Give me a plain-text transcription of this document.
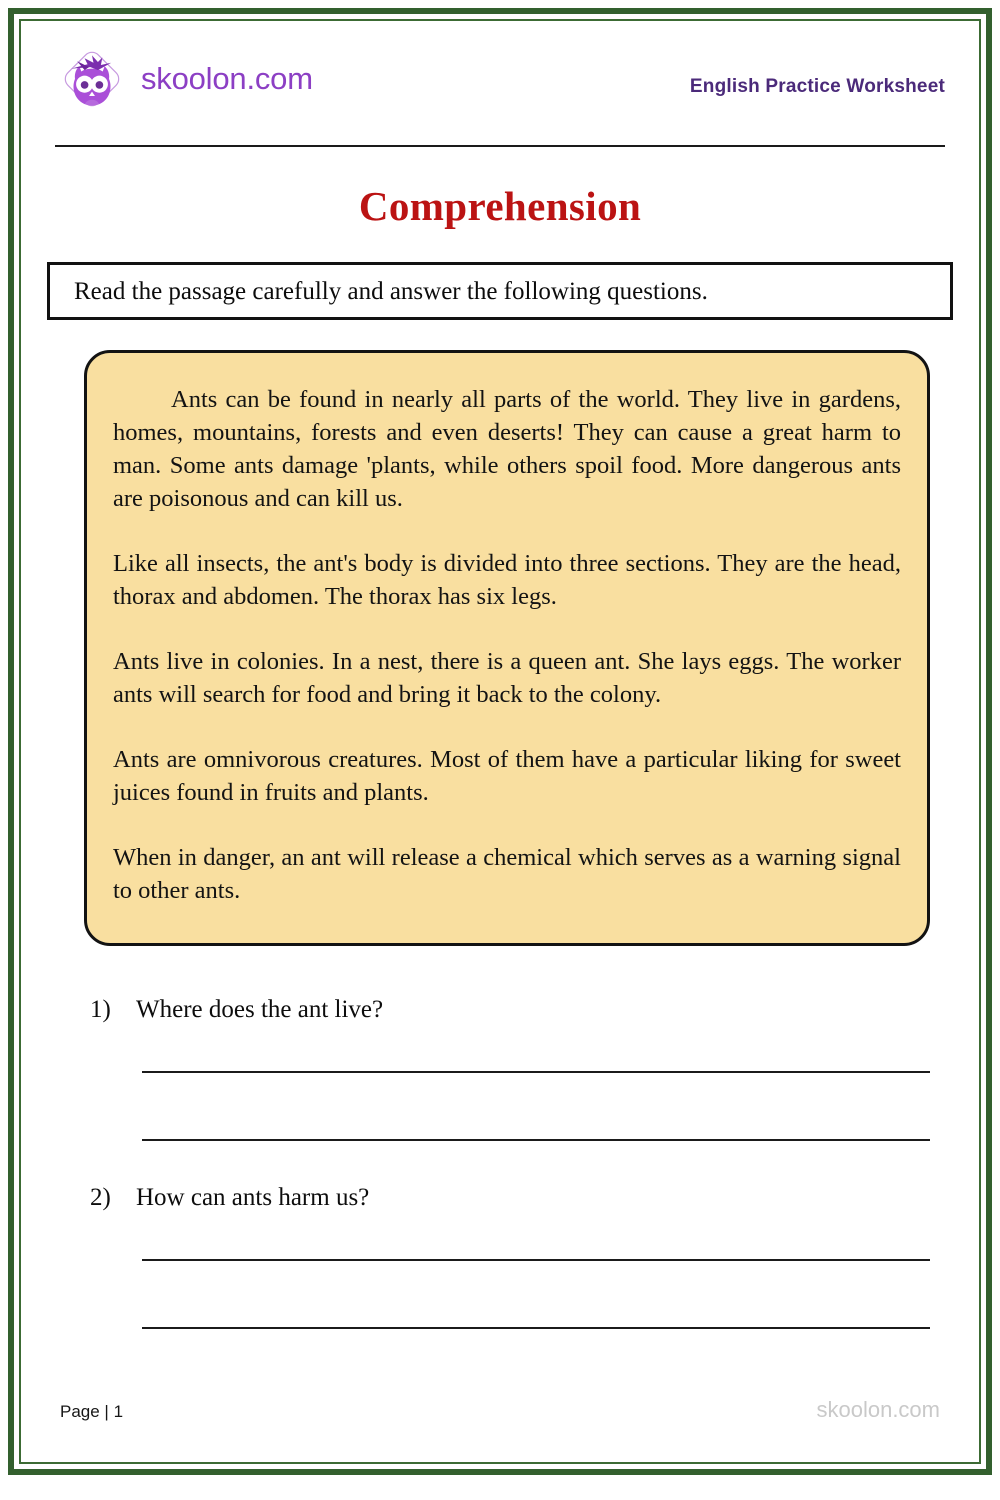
skoolon.com	English Practice Worksheet
Comprehension
Read the passage carefully and answer the following questions.

Ants can be found in nearly all parts of the world. They live in gardens, homes, mountains, forests and even deserts! They can cause a great harm to man. Some ants damage 'plants, while others spoil food. More dangerous ants are poisonous and can kill us.

Like all insects, the ant's body is divided into three sections. They are the head, thorax and abdomen. The thorax has six legs.

Ants live in colonies. In a nest, there is a queen ant. She lays eggs. The worker ants will search for food and bring it back to the colony.

Ants are omnivorous creatures. Most of them have a particular liking for sweet juices found in fruits and plants.

When in danger, an ant will release a chemical which serves as a warning signal to other ants.

1)	Where does the ant live?
2)	How can ants harm us?
Page | 1	skoolon.com
